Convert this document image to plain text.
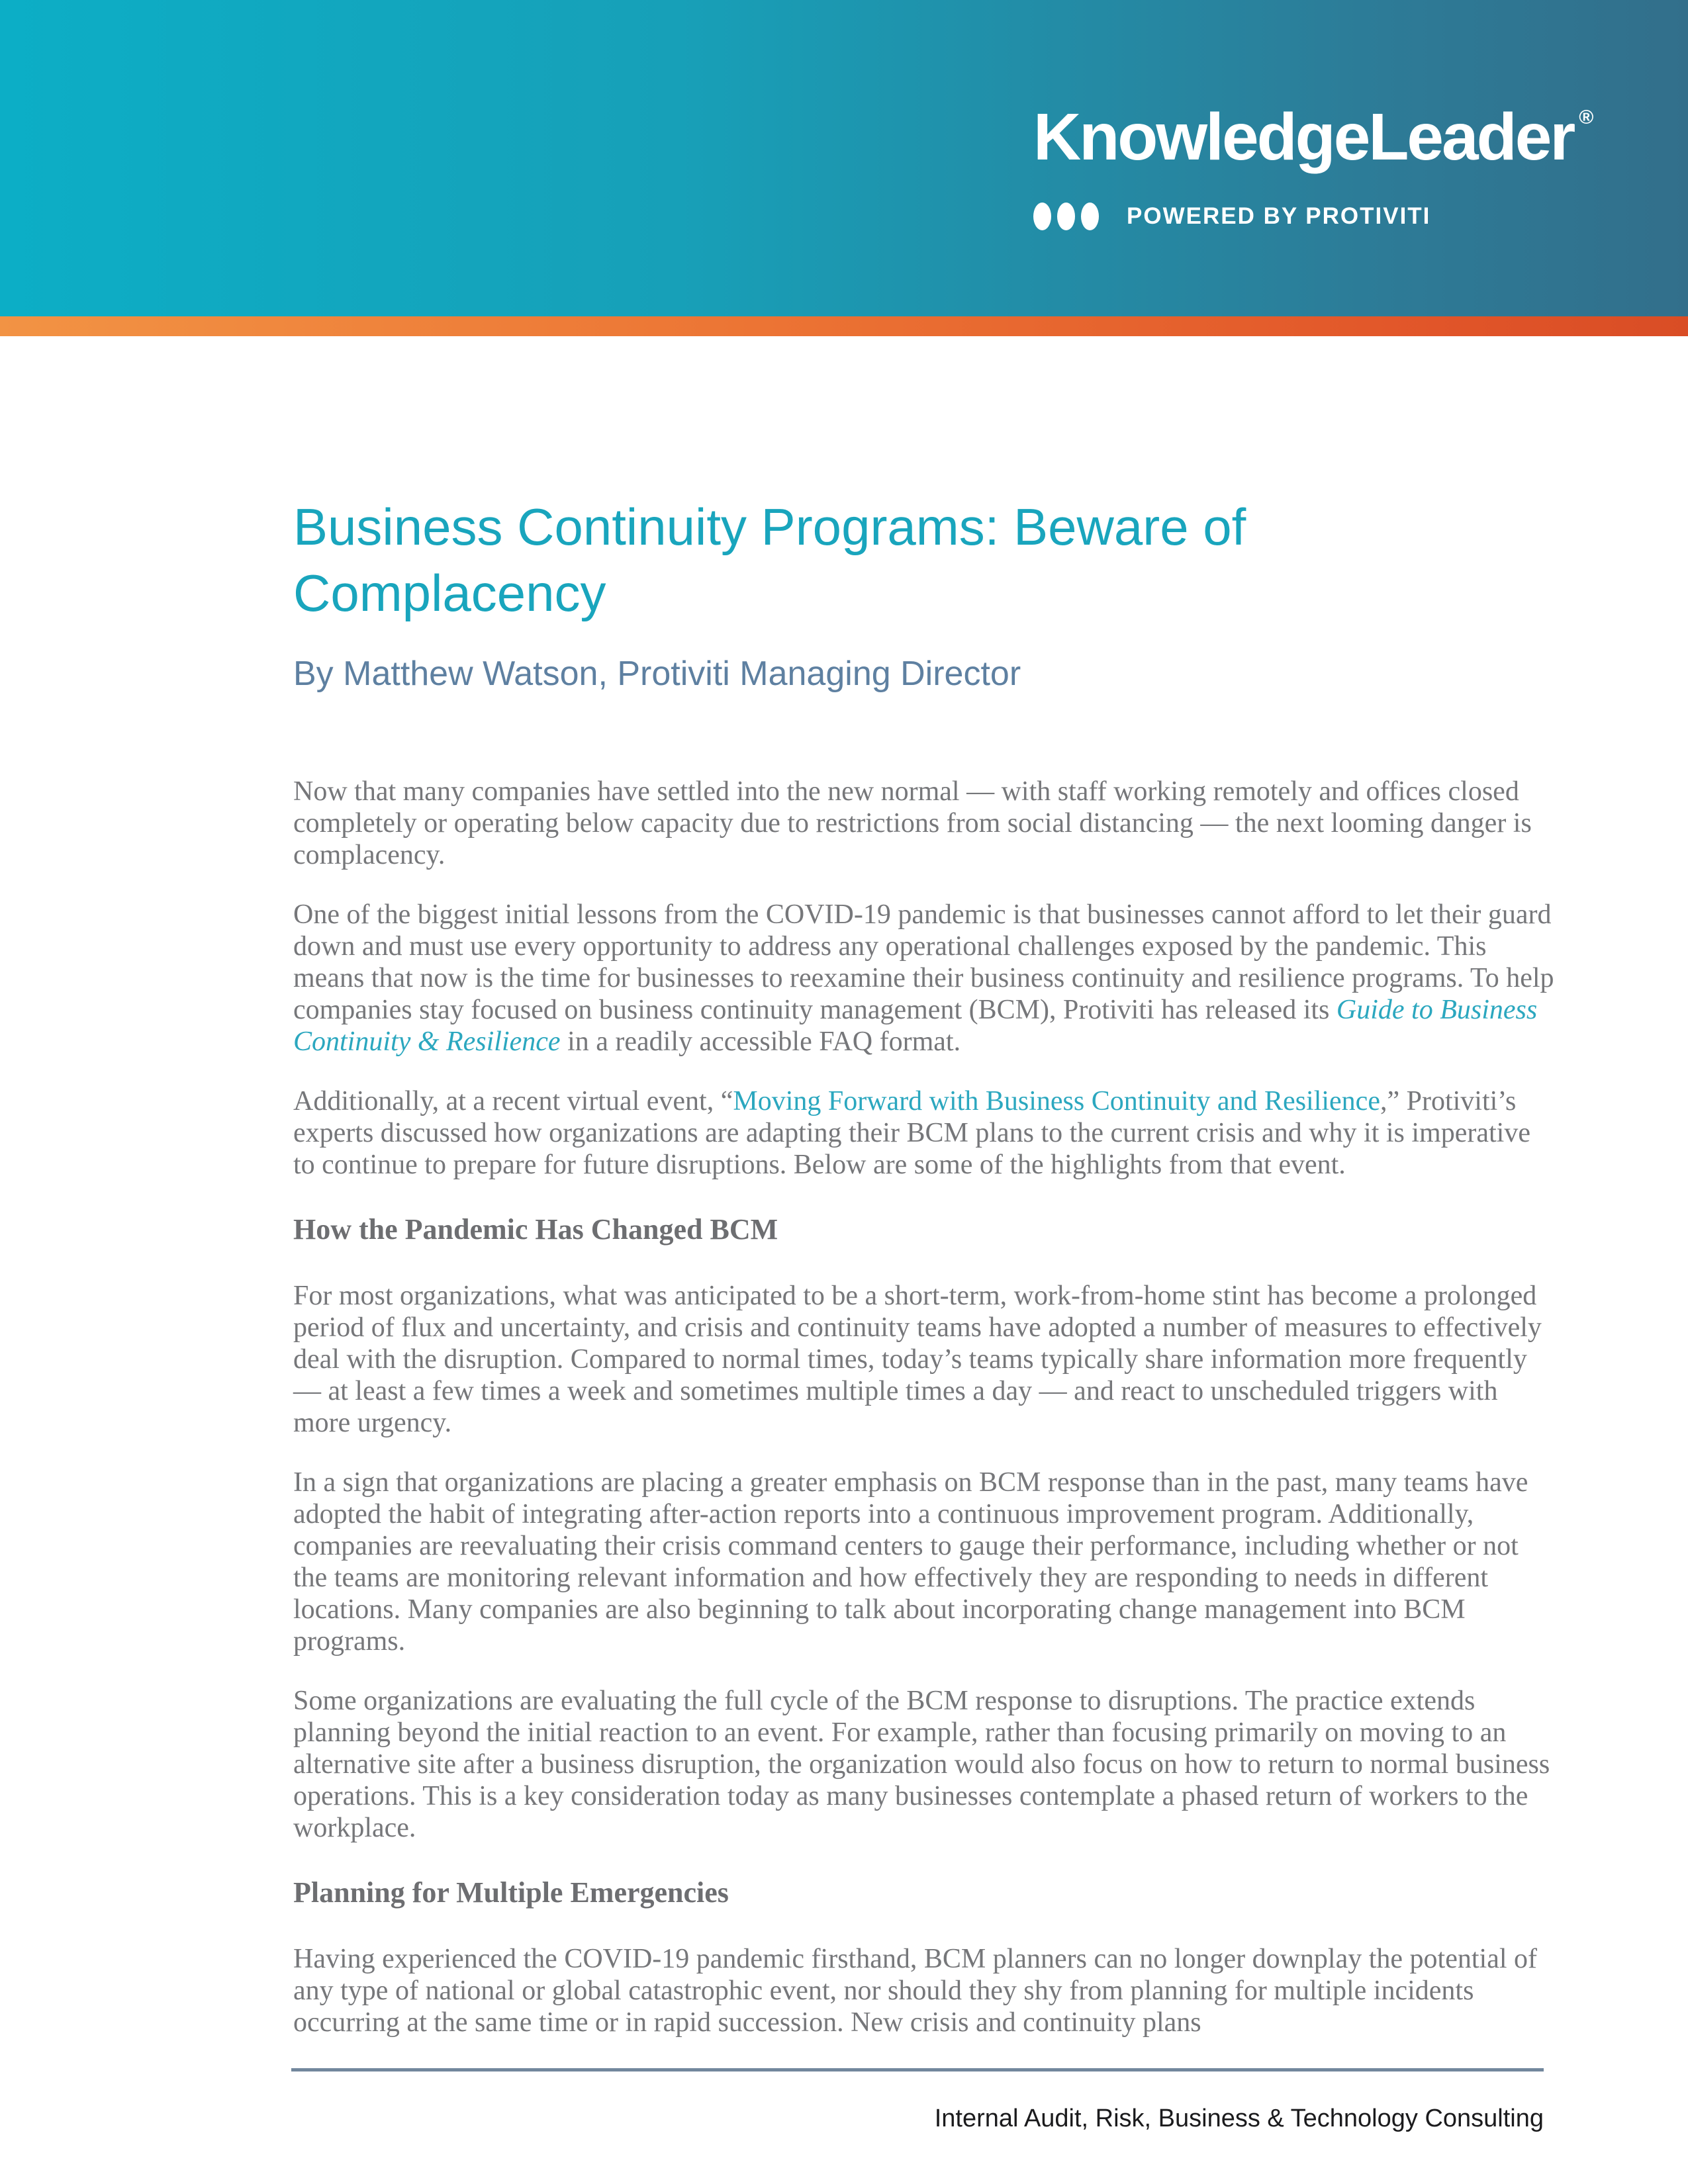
KnowledgeLeader ®
POWERED BY PROTIVITI
Business Continuity Programs: Beware of Complacency
By Matthew Watson, Protiviti Managing Director

Now that many companies have settled into the new normal — with staff working remotely and offices closed completely or operating below capacity due to restrictions from social distancing — the next looming danger is complacency.

One of the biggest initial lessons from the COVID-19 pandemic is that businesses cannot afford to let their guard down and must use every opportunity to address any operational challenges exposed by the pandemic. This means that now is the time for businesses to reexamine their business continuity and resilience programs. To help companies stay focused on business continuity management (BCM), Protiviti has released its Guide to Business Continuity & Resilience in a readily accessible FAQ format.

Additionally, at a recent virtual event, “Moving Forward with Business Continuity and Resilience,” Protiviti’s experts discussed how organizations are adapting their BCM plans to the current crisis and why it is imperative to continue to prepare for future disruptions. Below are some of the highlights from that event.

How the Pandemic Has Changed BCM

For most organizations, what was anticipated to be a short-term, work-from-home stint has become a prolonged period of flux and uncertainty, and crisis and continuity teams have adopted a number of measures to effectively deal with the disruption. Compared to normal times, today’s teams typically share information more frequently — at least a few times a week and sometimes multiple times a day — and react to unscheduled triggers with more urgency.

In a sign that organizations are placing a greater emphasis on BCM response than in the past, many teams have adopted the habit of integrating after-action reports into a continuous improvement program. Additionally, companies are reevaluating their crisis command centers to gauge their performance, including whether or not the teams are monitoring relevant information and how effectively they are responding to needs in different locations. Many companies are also beginning to talk about incorporating change management into BCM programs.

Some organizations are evaluating the full cycle of the BCM response to disruptions. The practice extends planning beyond the initial reaction to an event. For example, rather than focusing primarily on moving to an alternative site after a business disruption, the organization would also focus on how to return to normal business operations. This is a key consideration today as many businesses contemplate a phased return of workers to the workplace.

Planning for Multiple Emergencies

Having experienced the COVID-19 pandemic firsthand, BCM planners can no longer downplay the potential of any type of national or global catastrophic event, nor should they shy from planning for multiple incidents occurring at the same time or in rapid succession. New crisis and continuity plans

Internal Audit, Risk, Business & Technology Consulting
